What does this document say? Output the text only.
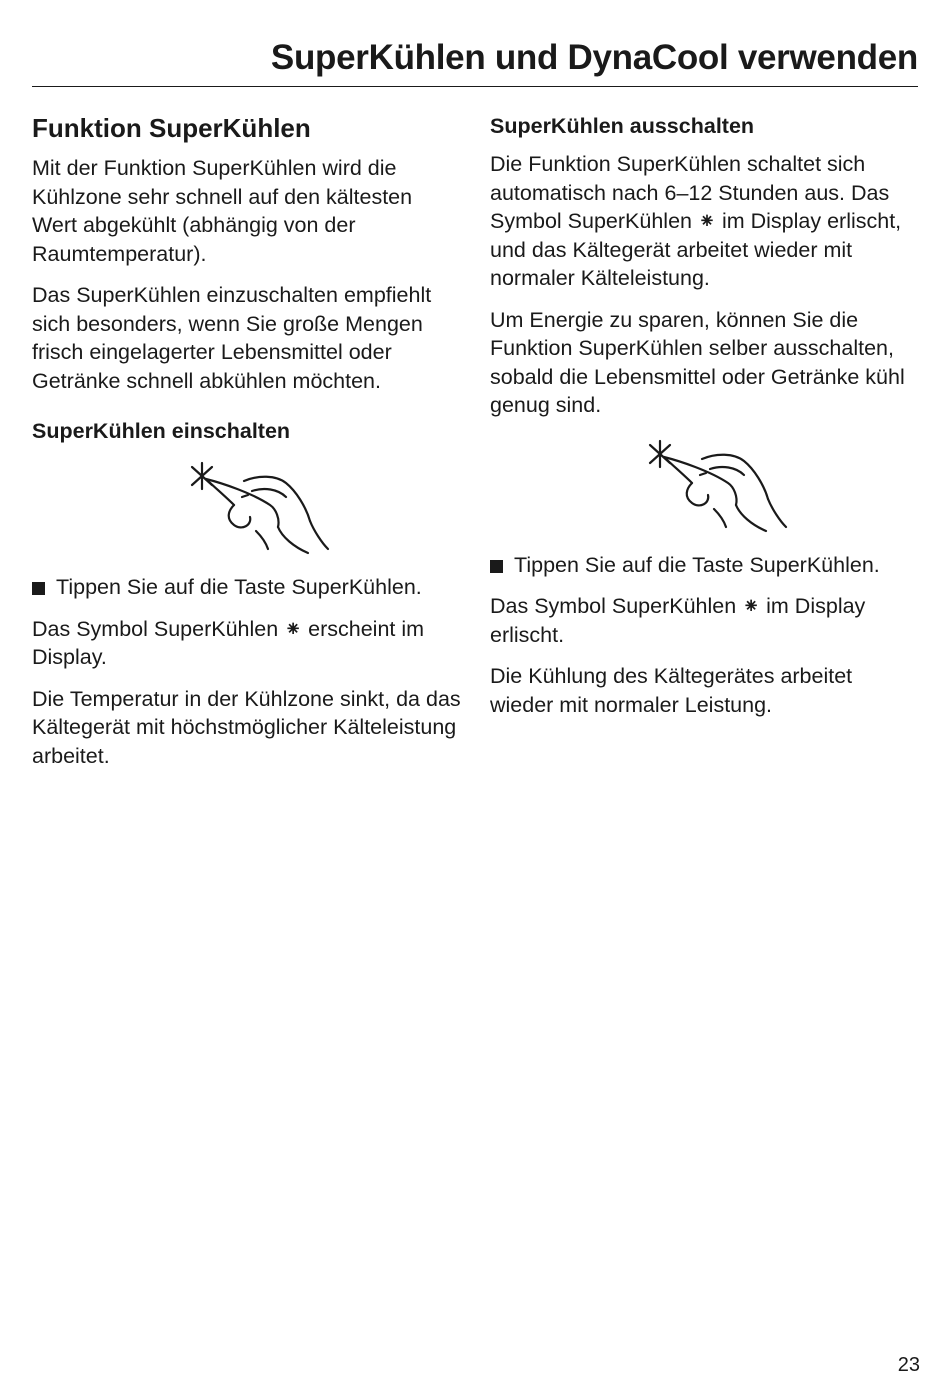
SuperKühlen und DynaCool verwenden
Funktion SuperKühlen

Mit der Funktion SuperKühlen wird die Kühlzone sehr schnell auf den kältesten Wert abgekühlt (abhängig von der Raumtemperatur).

Das SuperKühlen einzuschalten empfiehlt sich besonders, wenn Sie große Mengen frisch eingelagerter Lebensmittel oder Getränke schnell abkühlen möchten.

SuperKühlen einschalten
Tippen Sie auf die Taste SuperKühlen.

Das Symbol SuperKühlen ⁕ erscheint im Display.

Die Temperatur in der Kühlzone sinkt, da das Kältegerät mit höchstmöglicher Kälteleistung arbeitet.

SuperKühlen ausschalten

Die Funktion SuperKühlen schaltet sich automatisch nach 6–12 Stunden aus. Das Symbol SuperKühlen ⁕ im Display erlischt, und das Kältegerät arbeitet wieder mit normaler Kälteleistung.

Um Energie zu sparen, können Sie die Funktion SuperKühlen selber ausschalten, sobald die Lebensmittel oder Getränke kühl genug sind.

Tippen Sie auf die Taste SuperKühlen.

Das Symbol SuperKühlen ⁕ im Display erlischt.

Die Kühlung des Kältegerätes arbeitet wieder mit normaler Leistung.

23
